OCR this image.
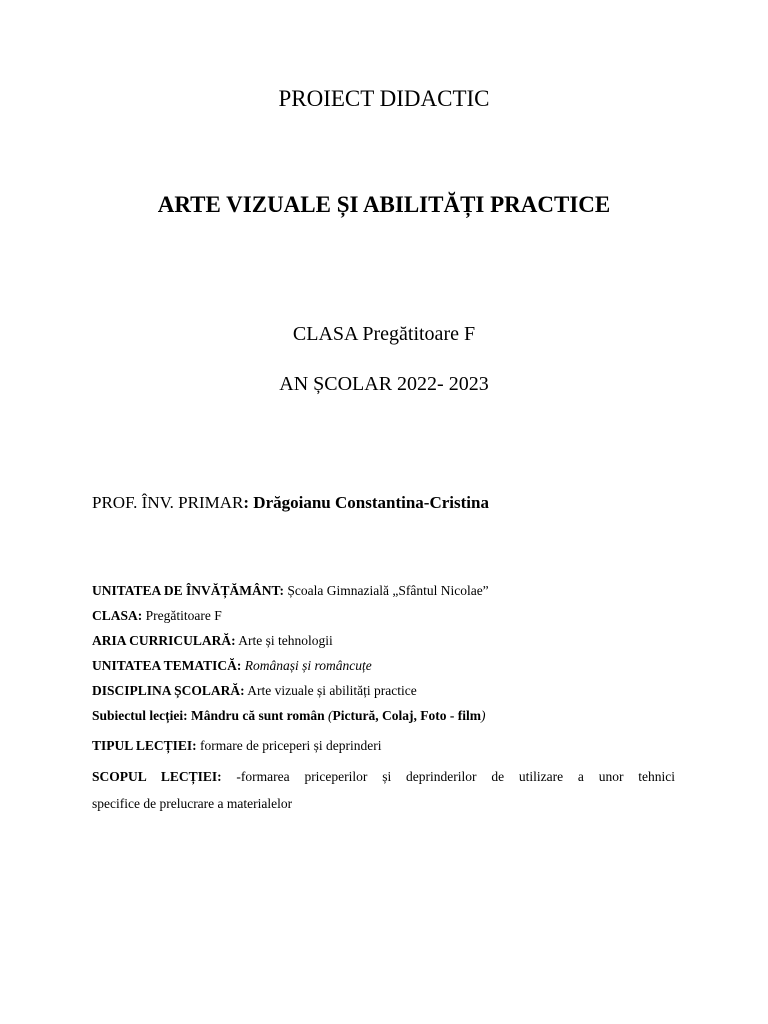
PROIECT DIDACTIC
ARTE VIZUALE ȘI ABILITĂȚI PRACTICE

CLASA Pregătitoare F

AN ȘCOLAR 2022- 2023

PROF. ÎNV. PRIMAR: Drăgoianu Constantina-Cristina

UNITATEA DE ÎNVĂȚĂMÂNT: Școala Gimnazială „Sfântul Nicolae”

CLASA: Pregătitoare F

ARIA CURRICULARĂ: Arte și tehnologii

UNITATEA TEMATICĂ: Românași și româncuțe

DISCIPLINA ȘCOLARĂ: Arte vizuale și abilități practice

Subiectul lecției: Mândru că sunt român (Pictură, Colaj, Foto - film)

TIPUL LECȚIEI: formare de priceperi și deprinderi

SCOPUL LECȚIEI: -formarea priceperilor și deprinderilor de utilizare a unor tehnici
specifice de prelucrare a materialelor
